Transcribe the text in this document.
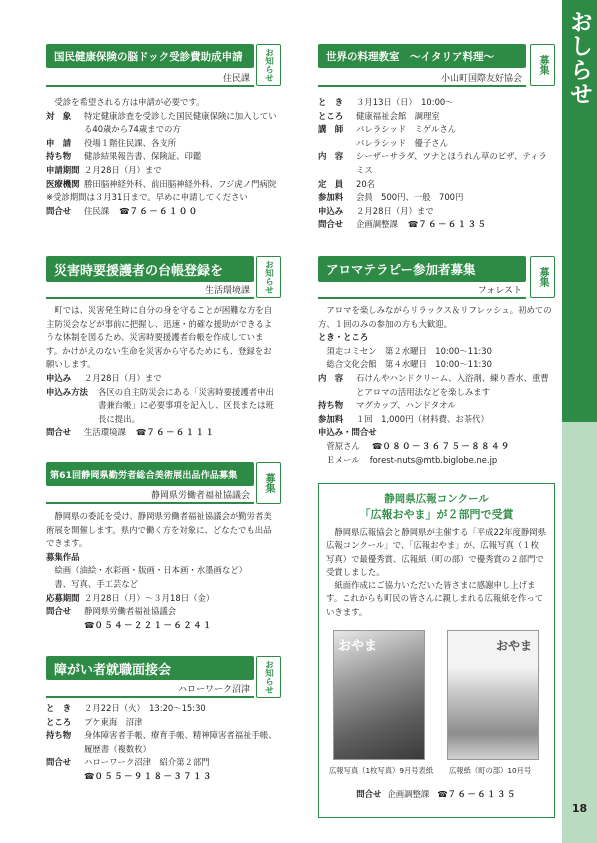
おしらせ
18
国民健康保険の脳ドック受診費助成申請	お知らせ
住民課
受診を希望される方は申請が必要です。
対　象	特定健康診査を受診した国民健康保険に加入している40歳から74歳までの方
申　請	役場１階住民課、各支所
持ち物	健診結果報告書、保険証、印鑑
申請期間 ２月28日（月）まで
医療機関 勝田脳神経外科、前田脳神経外科、フジ虎ノ門病院
※受診期間は３月31日まで。早めに申請してください
問合せ	住民課 ☎ ７６－６１００
災害時要援護者の台帳登録を	お知らせ
生活環境課
町では、災害発生時に自分の身を守ることが困難な方を自主防災会などが事前に把握し、迅速・的確な援助ができるような体制を図るため、災害時要援護者台帳を作成しています。かけがえのない生命を災害から守るためにも、登録をお願いします。
申込み	２月28日（月）まで
申込み方法	各区の自主防災会にある「災害時要援護者申出書兼台帳」に必要事項を記入し、区長または班長に提出。
問合せ	生活環境課 ☎ ７６－６１１１
第61回静岡県勤労者総合美術展出品作品募集	募集
静岡県労働者福祉協議会
静岡県の委託を受け、静岡県労働者福祉協議会が勤労者美術展を開催します。県内で働く方を対象に、どなたでも出品できます。
募集作品
絵画（油絵・水彩画・版画・日本画・水墨画など）
書、写真、手工芸など
応募期間 ２月28日（月）～３月18日（金）
問合せ	静岡県労働者福祉協議会
☎０５４－２２１－６２４１
障がい者就職面接会	お知らせ
ハローワーク沼津
と　き	２月22日（火）　13:20～15:30
ところ	プケ東海　沼津
持ち物	身体障害者手帳、療育手帳、精神障害者福祉手帳、履歴書（複数枚）
問合せ	ハローワーク沼津　紹介第２部門
☎０５５－９１８－３７１３
世界の料理教室　～イタリア料理～	募集
小山町国際友好協会
と　き	３月13日（日）　10:00～
ところ	健康福祉会館　調理室
講　師	バレラシッド　ミゲルさん
バレラシッド　優子さん
内　容	シーザーサラダ、ツナとほうれん草のピザ、ティラミス
定　員	20名
参加料	会員　500円、一般　700円
申込み	２月28日（月）まで
問合せ	企画調整課 ☎ ７６－６１３５
アロマテラピー参加者募集	募集
フォレスト
アロマを楽しみながらリラックス＆リフレッシュ。初めての方、１回のみの参加の方も大歓迎。
とき・ところ
須走コミセン　第２水曜日　10:00～11:30
総合文化会館　第４水曜日　10:00～11:30
内　容	石けんやハンドクリーム、入浴剤、練り香水、重曹とアロマの活用法などを楽しみます
持ち物	マグカップ、ハンドタオル
参加料	１回　1,000円（材料費、お茶代）
申込み・問合せ
菅原さん ☎０８０－３６７５－８８４９
Ｅメール forest-nuts@mtb.biglobe.ne.jp
静岡県広報コンクール
「広報おやま」が２部門で受賞
静岡県広報協会と静岡県が主催する「平成22年度静岡県広報コンクール」で、「広報おやま」が、広報写真（１枚写真）で最優秀賞、広報紙（町の部）で優秀賞の２部門で受賞しました。
紙面作成にご協力いただいた皆さまに感謝申し上げます。これからも町民の皆さんに親しまれる広報紙を作っていきます。
おやま	おやま
広報写真（1枚写真）9月号表紙 広報紙（町の部）10月号
問合せ 企画調整課 ☎７６－６１３５
